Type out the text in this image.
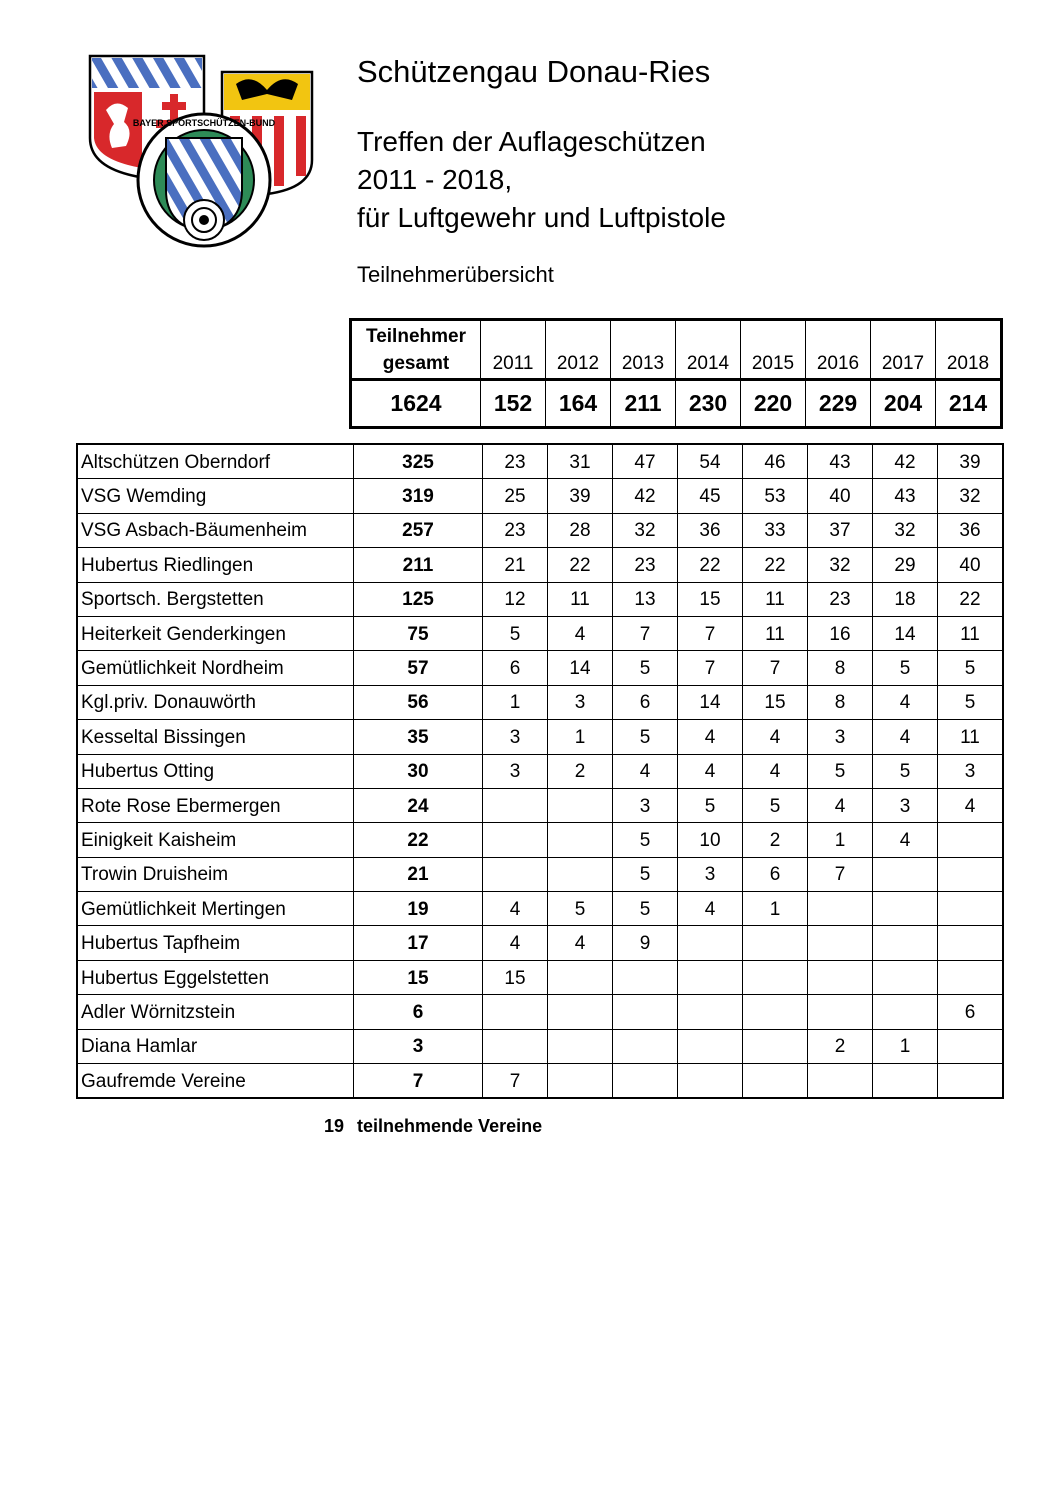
BAYER.SPORTSCHÜTZEN-BUND
Schützengau Donau-Ries
Treffen der Auflageschützen
2011 - 2018,
für Luftgewehr und Luftpistole
Teilnehmerübersicht
Teilnehmer
gesamt	2011	2012	2013	2014	2015	2016	2017	2018
1624	152	164	211	230	220	229	204	214
Altschützen Oberndorf	325	23	31	47	54	46	43	42	39
VSG Wemding	319	25	39	42	45	53	40	43	32
VSG Asbach-Bäumenheim	257	23	28	32	36	33	37	32	36
Hubertus Riedlingen	211	21	22	23	22	22	32	29	40
Sportsch. Bergstetten	125	12	11	13	15	11	23	18	22
Heiterkeit Genderkingen	75	5	4	7	7	11	16	14	11
Gemütlichkeit Nordheim	57	6	14	5	7	7	8	5	5
Kgl.priv. Donauwörth	56	1	3	6	14	15	8	4	5
Kesseltal Bissingen	35	3	1	5	4	4	3	4	11
Hubertus Otting	30	3	2	4	4	4	5	5	3
Rote Rose Ebermergen	24			3	5	5	4	3	4
Einigkeit Kaisheim	22			5	10	2	1	4	
Trowin Druisheim	21			5	3	6	7		
Gemütlichkeit Mertingen	19	4	5	5	4	1			
Hubertus Tapfheim	17	4	4	9					
Hubertus Eggelstetten	15	15							
Adler Wörnitzstein	6								6
Diana Hamlar	3						2	1	
Gaufremde Vereine	7	7							
19 teilnehmende Vereine
